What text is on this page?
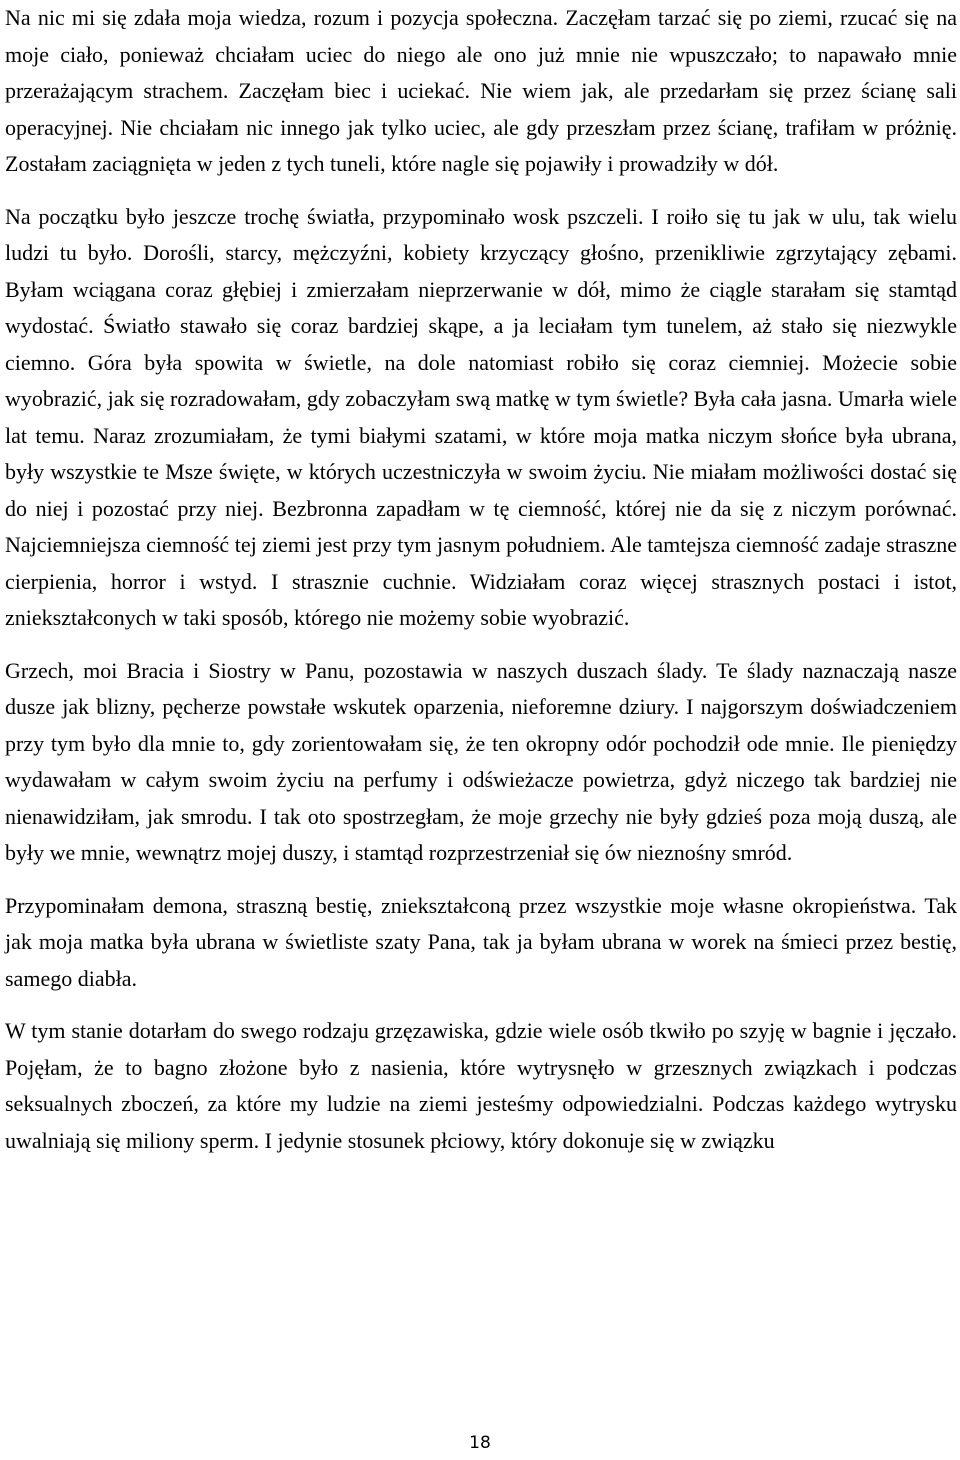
Na nic mi się zdała moja wiedza, rozum i pozycja społeczna. Zaczęłam tarzać się po ziemi, rzucać się na moje ciało, ponieważ chciałam uciec do niego ale ono już mnie nie wpuszczało; to napawało mnie przerażającym strachem. Zaczęłam biec i uciekać. Nie wiem jak, ale przedarłam się przez ścianę sali operacyjnej. Nie chciałam nic innego jak tylko uciec, ale gdy przeszłam przez ścianę, trafiłam w próżnię. Zostałam zaciągnięta w jeden z tych tuneli, które nagle się pojawiły i prowadziły w dół.

Na początku było jeszcze trochę światła, przypominało wosk pszczeli. I roiło się tu jak w ulu, tak wielu ludzi tu było. Dorośli, starcy, mężczyźni, kobiety krzyczący głośno, przenikliwie zgrzytający zębami. Byłam wciągana coraz głębiej i zmierzałam nieprzerwanie w dół, mimo że ciągle starałam się stamtąd wydostać. Światło stawało się coraz bardziej skąpe, a ja leciałam tym tunelem, aż stało się niezwykle ciemno. Góra była spowita w świetle, na dole natomiast robiło się coraz ciemniej. Możecie sobie wyobrazić, jak się rozradowałam, gdy zobaczyłam swą matkę w tym świetle? Była cała jasna. Umarła wiele lat temu. Naraz zrozumiałam, że tymi białymi szatami, w które moja matka niczym słońce była ubrana, były wszystkie te Msze święte, w których uczestniczyła w swoim życiu. Nie miałam możliwości dostać się do niej i pozostać przy niej. Bezbronna zapadłam w tę ciemność, której nie da się z niczym porównać. Najciemniejsza ciemność tej ziemi jest przy tym jasnym południem. Ale tamtejsza ciemność zadaje straszne cierpienia, horror i wstyd. I strasznie cuchnie. Widziałam coraz więcej strasznych postaci i istot, zniekształconych w taki sposób, którego nie możemy sobie wyobrazić.

Grzech, moi Bracia i Siostry w Panu, pozostawia w naszych duszach ślady. Te ślady naznaczają nasze dusze jak blizny, pęcherze powstałe wskutek oparzenia, nieforemne dziury. I najgorszym doświadczeniem przy tym było dla mnie to, gdy zorientowałam się, że ten okropny odór pochodził ode mnie. Ile pieniędzy wydawałam w całym swoim życiu na perfumy i odświeżacze powietrza, gdyż niczego tak bardziej nie nienawidziłam, jak smrodu. I tak oto spostrzegłam, że moje grzechy nie były gdzieś poza moją duszą, ale były we mnie, wewnątrz mojej duszy, i stamtąd rozprzestrzeniał się ów nieznośny smród.

Przypominałam demona, straszną bestię, zniekształconą przez wszystkie moje własne okropieństwa. Tak jak moja matka była ubrana w świetliste szaty Pana, tak ja byłam ubrana w worek na śmieci przez bestię, samego diabła.

W tym stanie dotarłam do swego rodzaju grzęzawiska, gdzie wiele osób tkwiło po szyję w bagnie i jęczało. Pojęłam, że to bagno złożone było z nasienia, które wytrysnęło w grzesznych związkach i podczas seksualnych zboczeń, za które my ludzie na ziemi jesteśmy odpowiedzialni. Podczas każdego wytrysku uwalniają się miliony sperm. I jedynie stosunek płciowy, który dokonuje się w związku

18
